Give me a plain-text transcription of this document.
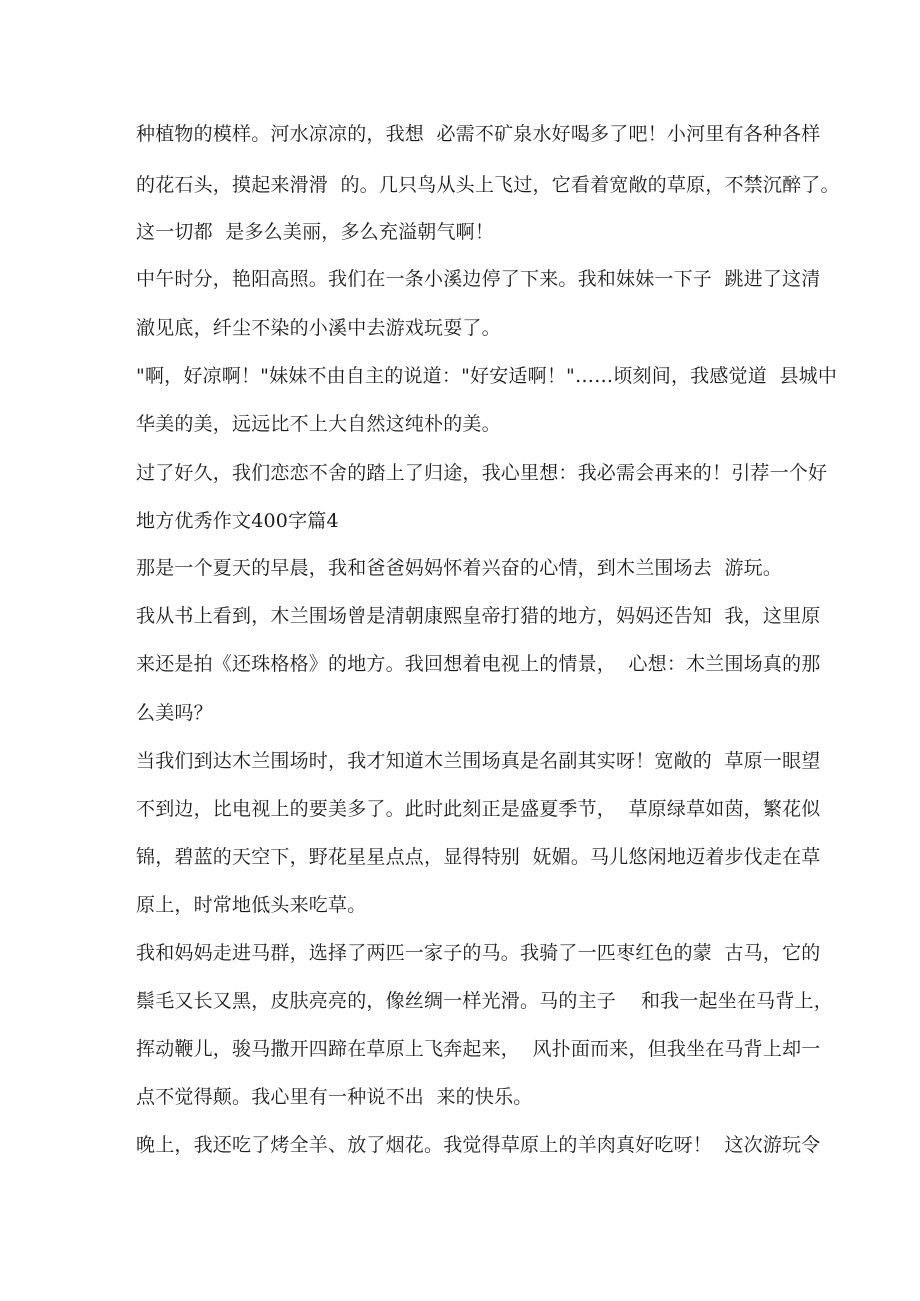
种植物的模样。河水凉凉的，我想  必需不矿泉水好喝多了吧！小河里有各种各样
的花石头，摸起来滑滑  的。几只鸟从头上飞过，它看着宽敞的草原，不禁沉醉了。
这一切都  是多么美丽，多么充溢朝气啊！
中午时分，艳阳高照。我们在一条小溪边停了下来。我和妹妹一下子  跳进了这清
澈见底，纤尘不染的小溪中去游戏玩耍了。
"啊，好凉啊！"妹妹不由自主的说道："好安适啊！"……顷刻间，我感觉道  县城中
华美的美，远远比不上大自然这纯朴的美。
过了好久，我们恋恋不舍的踏上了归途，我心里想：我必需会再来的！引荐一个好
地方优秀作文400字篇4
那是一个夏天的早晨，我和爸爸妈妈怀着兴奋的心情，到木兰围场去  游玩。
我从书上看到，木兰围场曾是清朝康熙皇帝打猎的地方，妈妈还告知  我，这里原
来还是拍《还珠格格》的地方。我回想着电视上的情景，  心想：木兰围场真的那
么美吗？
当我们到达木兰围场时，我才知道木兰围场真是名副其实呀！宽敞的  草原一眼望
不到边，比电视上的要美多了。此时此刻正是盛夏季节，  草原绿草如茵，繁花似
锦，碧蓝的天空下，野花星星点点，显得特别  妩媚。马儿悠闲地迈着步伐走在草
原上，时常地低头来吃草。
我和妈妈走进马群，选择了两匹一家子的马。我骑了一匹枣红色的蒙  古马，它的
鬃毛又长又黑，皮肤亮亮的，像丝绸一样光滑。马的主子    和我一起坐在马背上，
挥动鞭儿，骏马撒开四蹄在草原上飞奔起来，  风扑面而来，但我坐在马背上却一
点不觉得颠。我心里有一种说不出  来的快乐。
晚上，我还吃了烤全羊、放了烟花。我觉得草原上的羊肉真好吃呀！  这次游玩令
